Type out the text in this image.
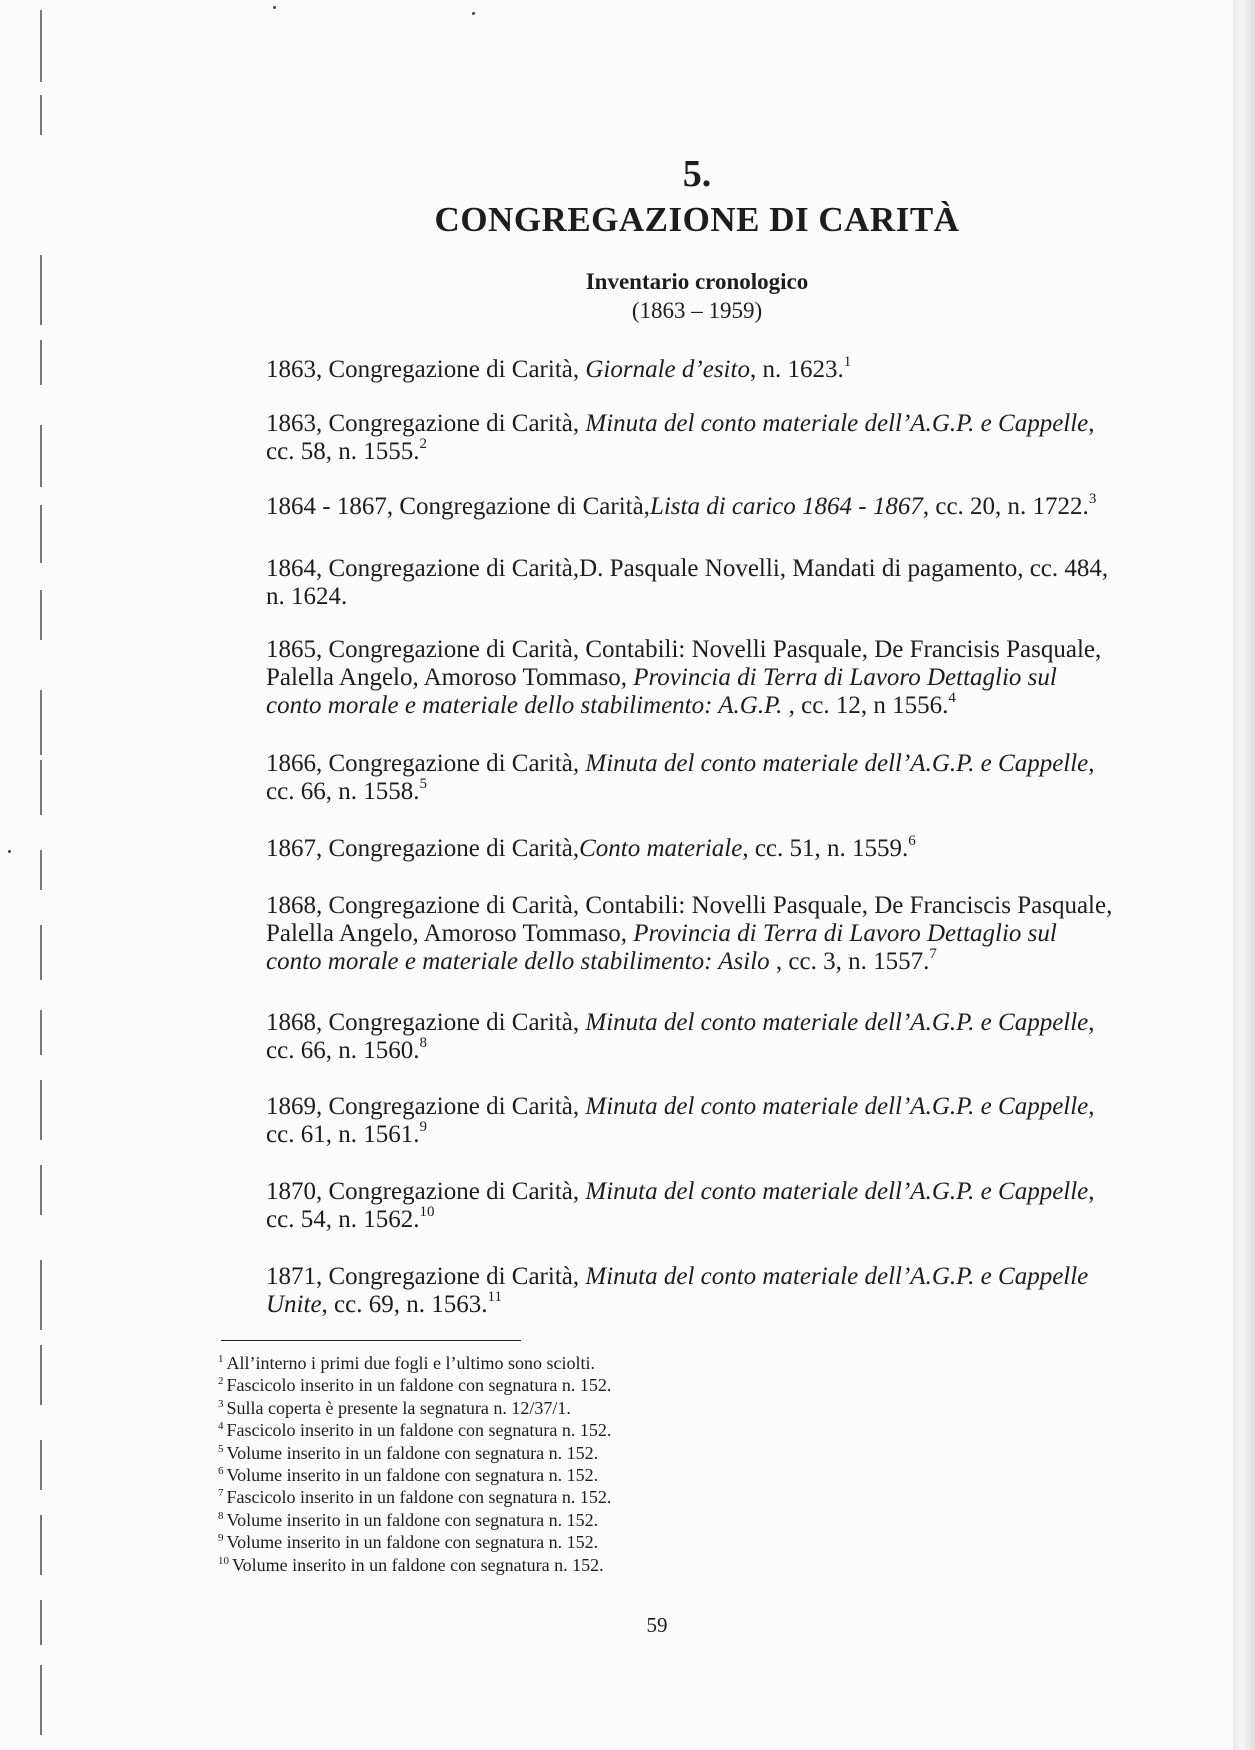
5.
CONGREGAZIONE DI CARITÀ
Inventario cronologico
(1863 – 1959)

1863, Congregazione di Carità, Giornale d’esito, n. 1623.$^1$

1863, Congregazione di Carità, Minuta del conto materiale dell’A.G.P. e Cappelle, cc. 58, n. 1555.$^2$

1864 - 1867, Congregazione di Carità,Lista di carico 1864 - 1867, cc. 20, n. 1722.$^3$

1864, Congregazione di Carità,D. Pasquale Novelli, Mandati di pagamento, cc. 484, n. 1624.

1865, Congregazione di Carità, Contabili: Novelli Pasquale, De Francisis Pasquale, Palella Angelo, Amoroso Tommaso, Provincia di Terra di Lavoro Dettaglio sul conto morale e materiale dello stabilimento: A.G.P. , cc. 12, n 1556.$^4$

1866, Congregazione di Carità, Minuta del conto materiale dell’A.G.P. e Cappelle, cc. 66, n. 1558.$^5$

1867, Congregazione di Carità,Conto materiale, cc. 51, n. 1559.$^6$

1868, Congregazione di Carità, Contabili: Novelli Pasquale, De Franciscis Pasquale, Palella Angelo, Amoroso Tommaso, Provincia di Terra di Lavoro Dettaglio sul conto morale e materiale dello stabilimento: Asilo , cc. 3, n. 1557.$^7$

1868, Congregazione di Carità, Minuta del conto materiale dell’A.G.P. e Cappelle, cc. 66, n. 1560.$^8$

1869, Congregazione di Carità, Minuta del conto materiale dell’A.G.P. e Cappelle, cc. 61, n. 1561.$^9$

1870, Congregazione di Carità, Minuta del conto materiale dell’A.G.P. e Cappelle, cc. 54, n. 1562.10

1871, Congregazione di Carità, Minuta del conto materiale dell’A.G.P. e Cappelle Unite, cc. 69, n. 1563.11

$^1$ All’interno i primi due fogli e l’ultimo sono sciolti.
$^2$ Fascicolo inserito in un faldone con segnatura n. 152.
$^3$ Sulla coperta è presente la segnatura n. 12/37/1.
$^4$ Fascicolo inserito in un faldone con segnatura n. 152.
$^5$ Volume inserito in un faldone con segnatura n. 152.
$^6$ Volume inserito in un faldone con segnatura n. 152.
$^7$ Fascicolo inserito in un faldone con segnatura n. 152.
$^8$ Volume inserito in un faldone con segnatura n. 152.
$^9$ Volume inserito in un faldone con segnatura n. 152.
$^{10}$ Volume inserito in un faldone con segnatura n. 152.
59
